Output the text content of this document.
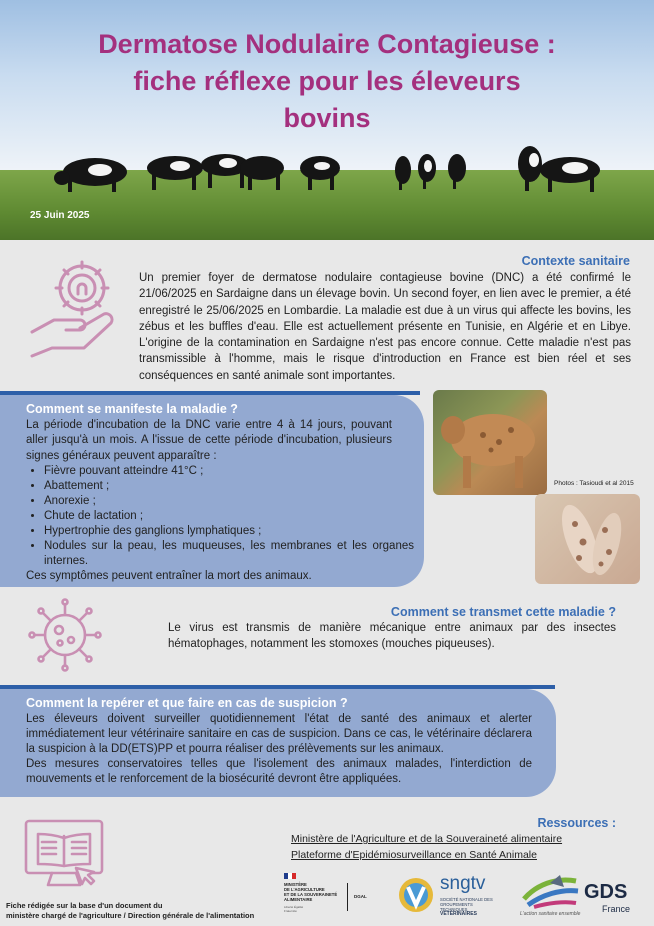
Dermatose Nodulaire Contagieuse :
fiche réflexe pour les éleveurs
bovins
25 Juin 2025
Contexte sanitaire

Un premier foyer de dermatose nodulaire contagieuse bovine (DNC) a été confirmé le 21/06/2025 en Sardaigne dans un élevage bovin. Un second foyer, en lien avec le premier, a été enregistré le 25/06/2025 en Lombardie. La maladie est due à un virus qui affecte les bovins, les zébus et les buffles d'eau. Elle est actuellement présente en Tunisie, en Algérie et en Libye. L'origine de la contamination en Sardaigne n'est pas encore connue. Cette maladie n'est pas transmissible à l'homme, mais le risque d'introduction en France est bien réel et ses conséquences en santé animale sont importantes.

Comment se manifeste la maladie ?

La période d'incubation de la DNC varie entre 4 à 14 jours, pouvant aller jusqu'à un mois. A l'issue de cette période d'incubation, plusieurs signes généraux peuvent apparaître :

• Fièvre pouvant atteindre 41°C ;
• Abattement ;
• Anorexie ;
• Chute de lactation ;
• Hypertrophie des ganglions lymphatiques ;
• Nodules sur la peau, les muqueuses, les membranes et les organes internes.

Ces symptômes peuvent entraîner la mort des animaux.

Photos : Tasioudi et al 2015
Comment se transmet cette maladie ?

Le virus est transmis de manière mécanique entre animaux par des insectes hématophages, notamment les stomoxes (mouches piqueuses).

Comment la repérer et que faire en cas de suspicion ?

Les éleveurs doivent surveiller quotidiennement l'état de santé des animaux et alerter immédiatement leur vétérinaire sanitaire en cas de suspicion. Dans ce cas, le vétérinaire déclarera la suspicion à la DD(ETS)PP et pourra réaliser des prélèvements sur les animaux.

Des mesures conservatoires telles que l'isolement des animaux malades, l'interdiction de mouvements et le renforcement de la biosécurité devront être appliquées.

Ressources :
Ministère de l'Agriculture et de la Souveraineté alimentaire
Plateforme d'Epidémiosurveillance en Santé Animale
Fiche rédigée sur la base d'un document du
ministère chargé de l'agriculture / Direction générale de l'alimentation
MINISTÈRE
DE L'AGRICULTURE
ET DE LA SOUVERAINETÉ
ALIMENTAIRE
Liberté Égalité Fraternité
DGAL
sngtv
SOCIÉTÉ NATIONALE DES
GROUPEMENTS TECHNIQUES
VÉTÉRINAIRES
GDS
France
L'action sanitaire ensemble
